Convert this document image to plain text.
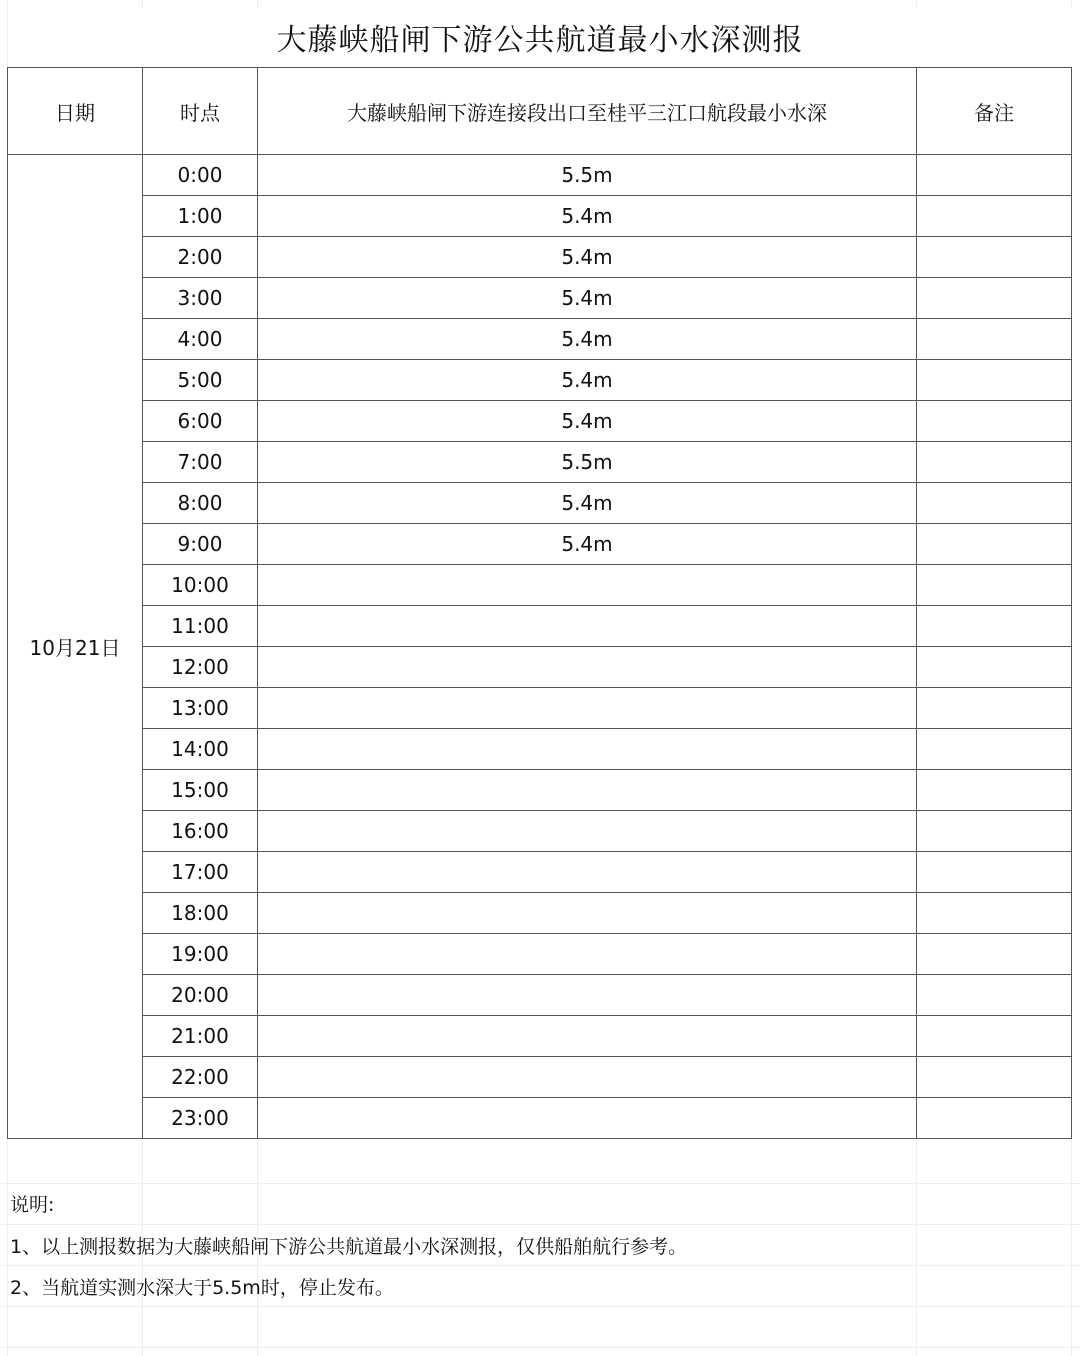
大藤峡船闸下游公共航道最小水深测报
日期	时点	大藤峡船闸下游连接段出口至桂平三江口航段最小水深	备注
10月21日	0:00	5.5m	
	1:00	5.4m	
	2:00	5.4m	
	3:00	5.4m	
	4:00	5.4m	
	5:00	5.4m	
	6:00	5.4m	
	7:00	5.5m	
	8:00	5.4m	
	9:00	5.4m	
	10:00		
	11:00		
	12:00		
	13:00		
	14:00		
	15:00		
	16:00		
	17:00		
	18:00		
	19:00		
	20:00		
	21:00		
	22:00		
	23:00		
说明:
1、以上测报数据为大藤峡船闸下游公共航道最小水深测报，仅供船舶航行参考。
2、当航道实测水深大于5.5m时，停止发布。
